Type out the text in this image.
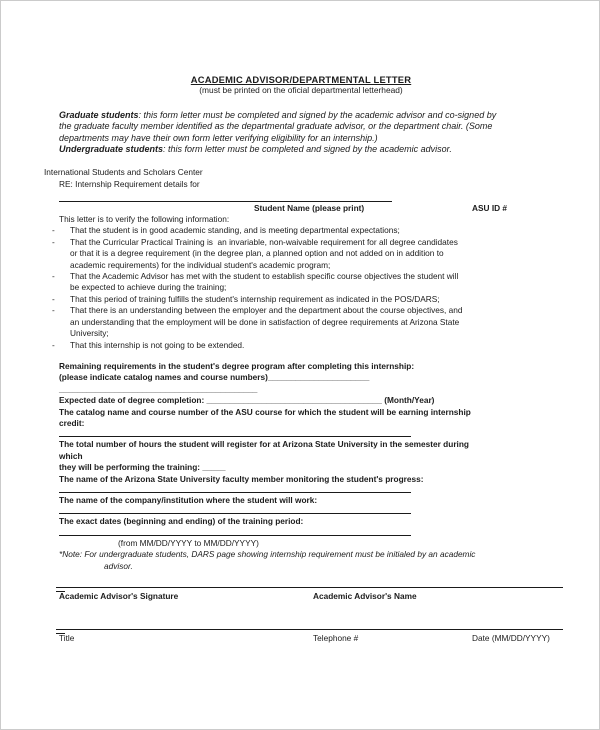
ACADEMIC ADVISOR/DEPARTMENTAL LETTER
(must be printed on the oficial departmental letterhead)
Graduate students: this form letter must be completed and signed by the academic advisor and co-signed by
the graduate faculty member identified as the departmental graduate advisor, or the department chair. (Some
departments may have their own form letter verifying eligibility for an internship.)
Undergraduate students: this form letter must be completed and signed by the academic advisor.
International Students and Scholars Center
RE: Internship Requirement details for
Student Name (please print)	ASU ID #
This letter is to verify the following information:
-	That the student is in good academic standing, and is meeting departmental expectations;
-	That the Curricular Practical Training is  an invariable, non-waivable requirement for all degree candidates
or that it is a degree requirement (in the degree plan, a planned option and not added on in addition to
academic requirements) for the individual student's academic program;
-	That the Academic Advisor has met with the student to establish specific course objectives the student will
be expected to achieve during the training;
-	That this period of training fulfills the student's internship requirement as indicated in the POS/DARS;
-	That there is an understanding between the employer and the department about the course objectives, and
an understanding that the employment will be done in satisfaction of degree requirements at Arizona State
University;
-	That this internship is not going to be extended.
Remaining requirements in the student's degree program after completing this internship:
(please indicate catalog names and course numbers)______________________
___________________________________________
Expected date of degree completion: ______________________________________ (Month/Year)
The catalog name and course number of the ASU course for which the student will be earning internship
credit:
The total number of hours the student will register for at Arizona State University in the semester during
which
they will be performing the training: _____
The name of the Arizona State University faculty member monitoring the student's progress:
The name of the company/institution where the student will work:
The exact dates (beginning and ending) of the training period:
(from MM/DD/YYYY to MM/DD/YYYY)
*Note: For undergraduate students, DARS page showing internship requirement must be initialed by an academic
advisor.
Academic Advisor's Signature	Academic Advisor's Name
Title	Telephone #	Date (MM/DD/YYYY)
